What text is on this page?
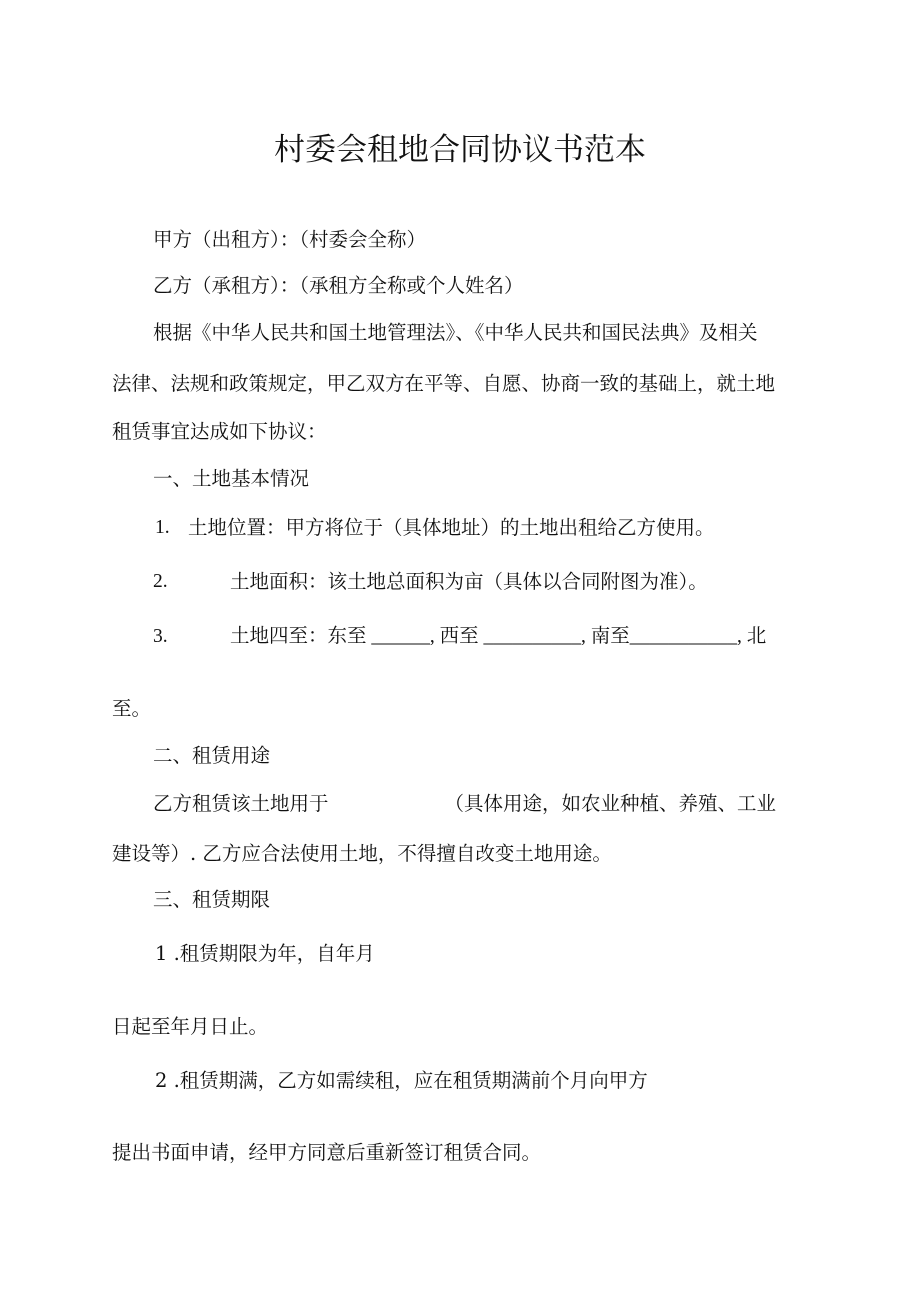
村委会租地合同协议书范本
甲方（出租方）：（村委会全称）
乙方（承租方）：（承租方全称或个人姓名）
根据《中华人民共和国土地管理法》、《中华人民共和国民法典》及相关
法律、法规和政策规定，甲乙双方在平等、自愿、协商一致的基础上，就土地
租赁事宜达成如下协议：
一、土地基本情况
1. 土地位置：甲方将位于（具体地址）的土地出租给乙方使用。
2.	土地面积：该土地总面积为亩（具体以合同附图为准）。
3.	土地四至：东至 ______, 西至 __________, 南至___________, 北
至。
二、租赁用途
乙方租赁该土地用于	（具体用途，如农业种植、养殖、工业
建设等）. 乙方应合法使用土地，不得擅自改变土地用途。
三、租赁期限
1 .租赁期限为年，自年月
日起至年月日止。
2 .租赁期满，乙方如需续租，应在租赁期满前个月向甲方
提出书面申请，经甲方同意后重新签订租赁合同。
